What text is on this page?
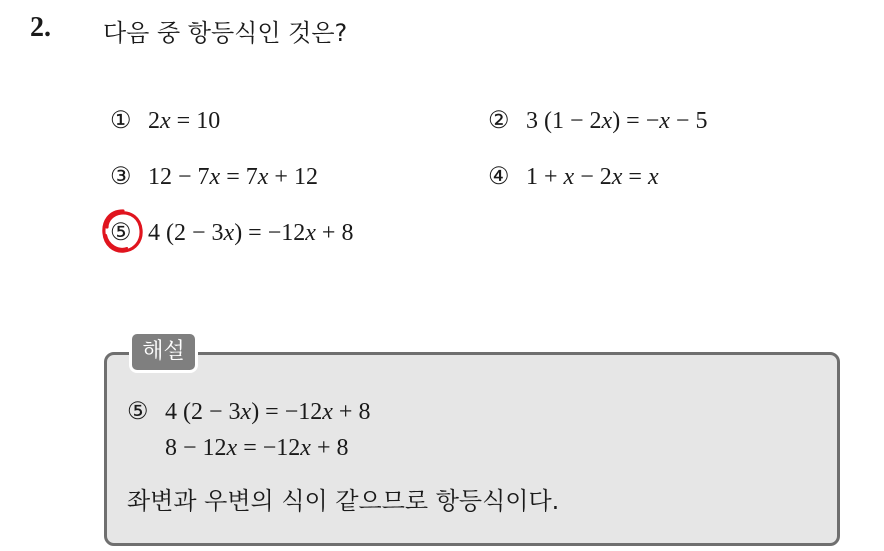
2. 다음 중 항등식인 것은?
① 2x = 10	② 3 (1 − 2x) = −x − 5
③ 12 − 7x = 7x + 12	④ 1 + x − 2x = x
⑤ 4 (2 − 3x) = −12x + 8
해설
⑤ 4 (2 − 3x) = −12x + 8
8 − 12x = −12x + 8
좌변과 우변의 식이 같으므로 항등식이다.
